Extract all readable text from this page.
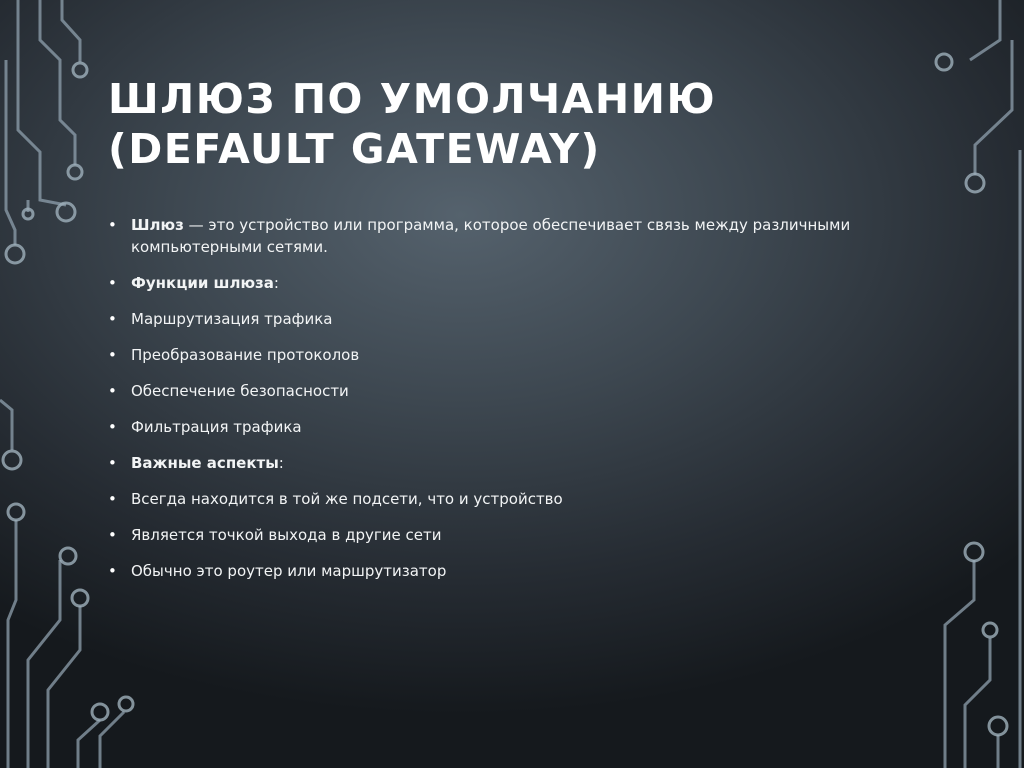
ШЛЮЗ ПО УМОЛЧАНИЮ (DEFAULT GATEWAY)
• Шлюз — это устройство или программа, которое обеспечивает связь между различными компьютерными сетями.
• Функции шлюза:
• Маршрутизация трафика
• Преобразование протоколов
• Обеспечение безопасности
• Фильтрация трафика
• Важные аспекты:
• Всегда находится в той же подсети, что и устройство
• Является точкой выхода в другие сети
• Обычно это роутер или маршрутизатор
